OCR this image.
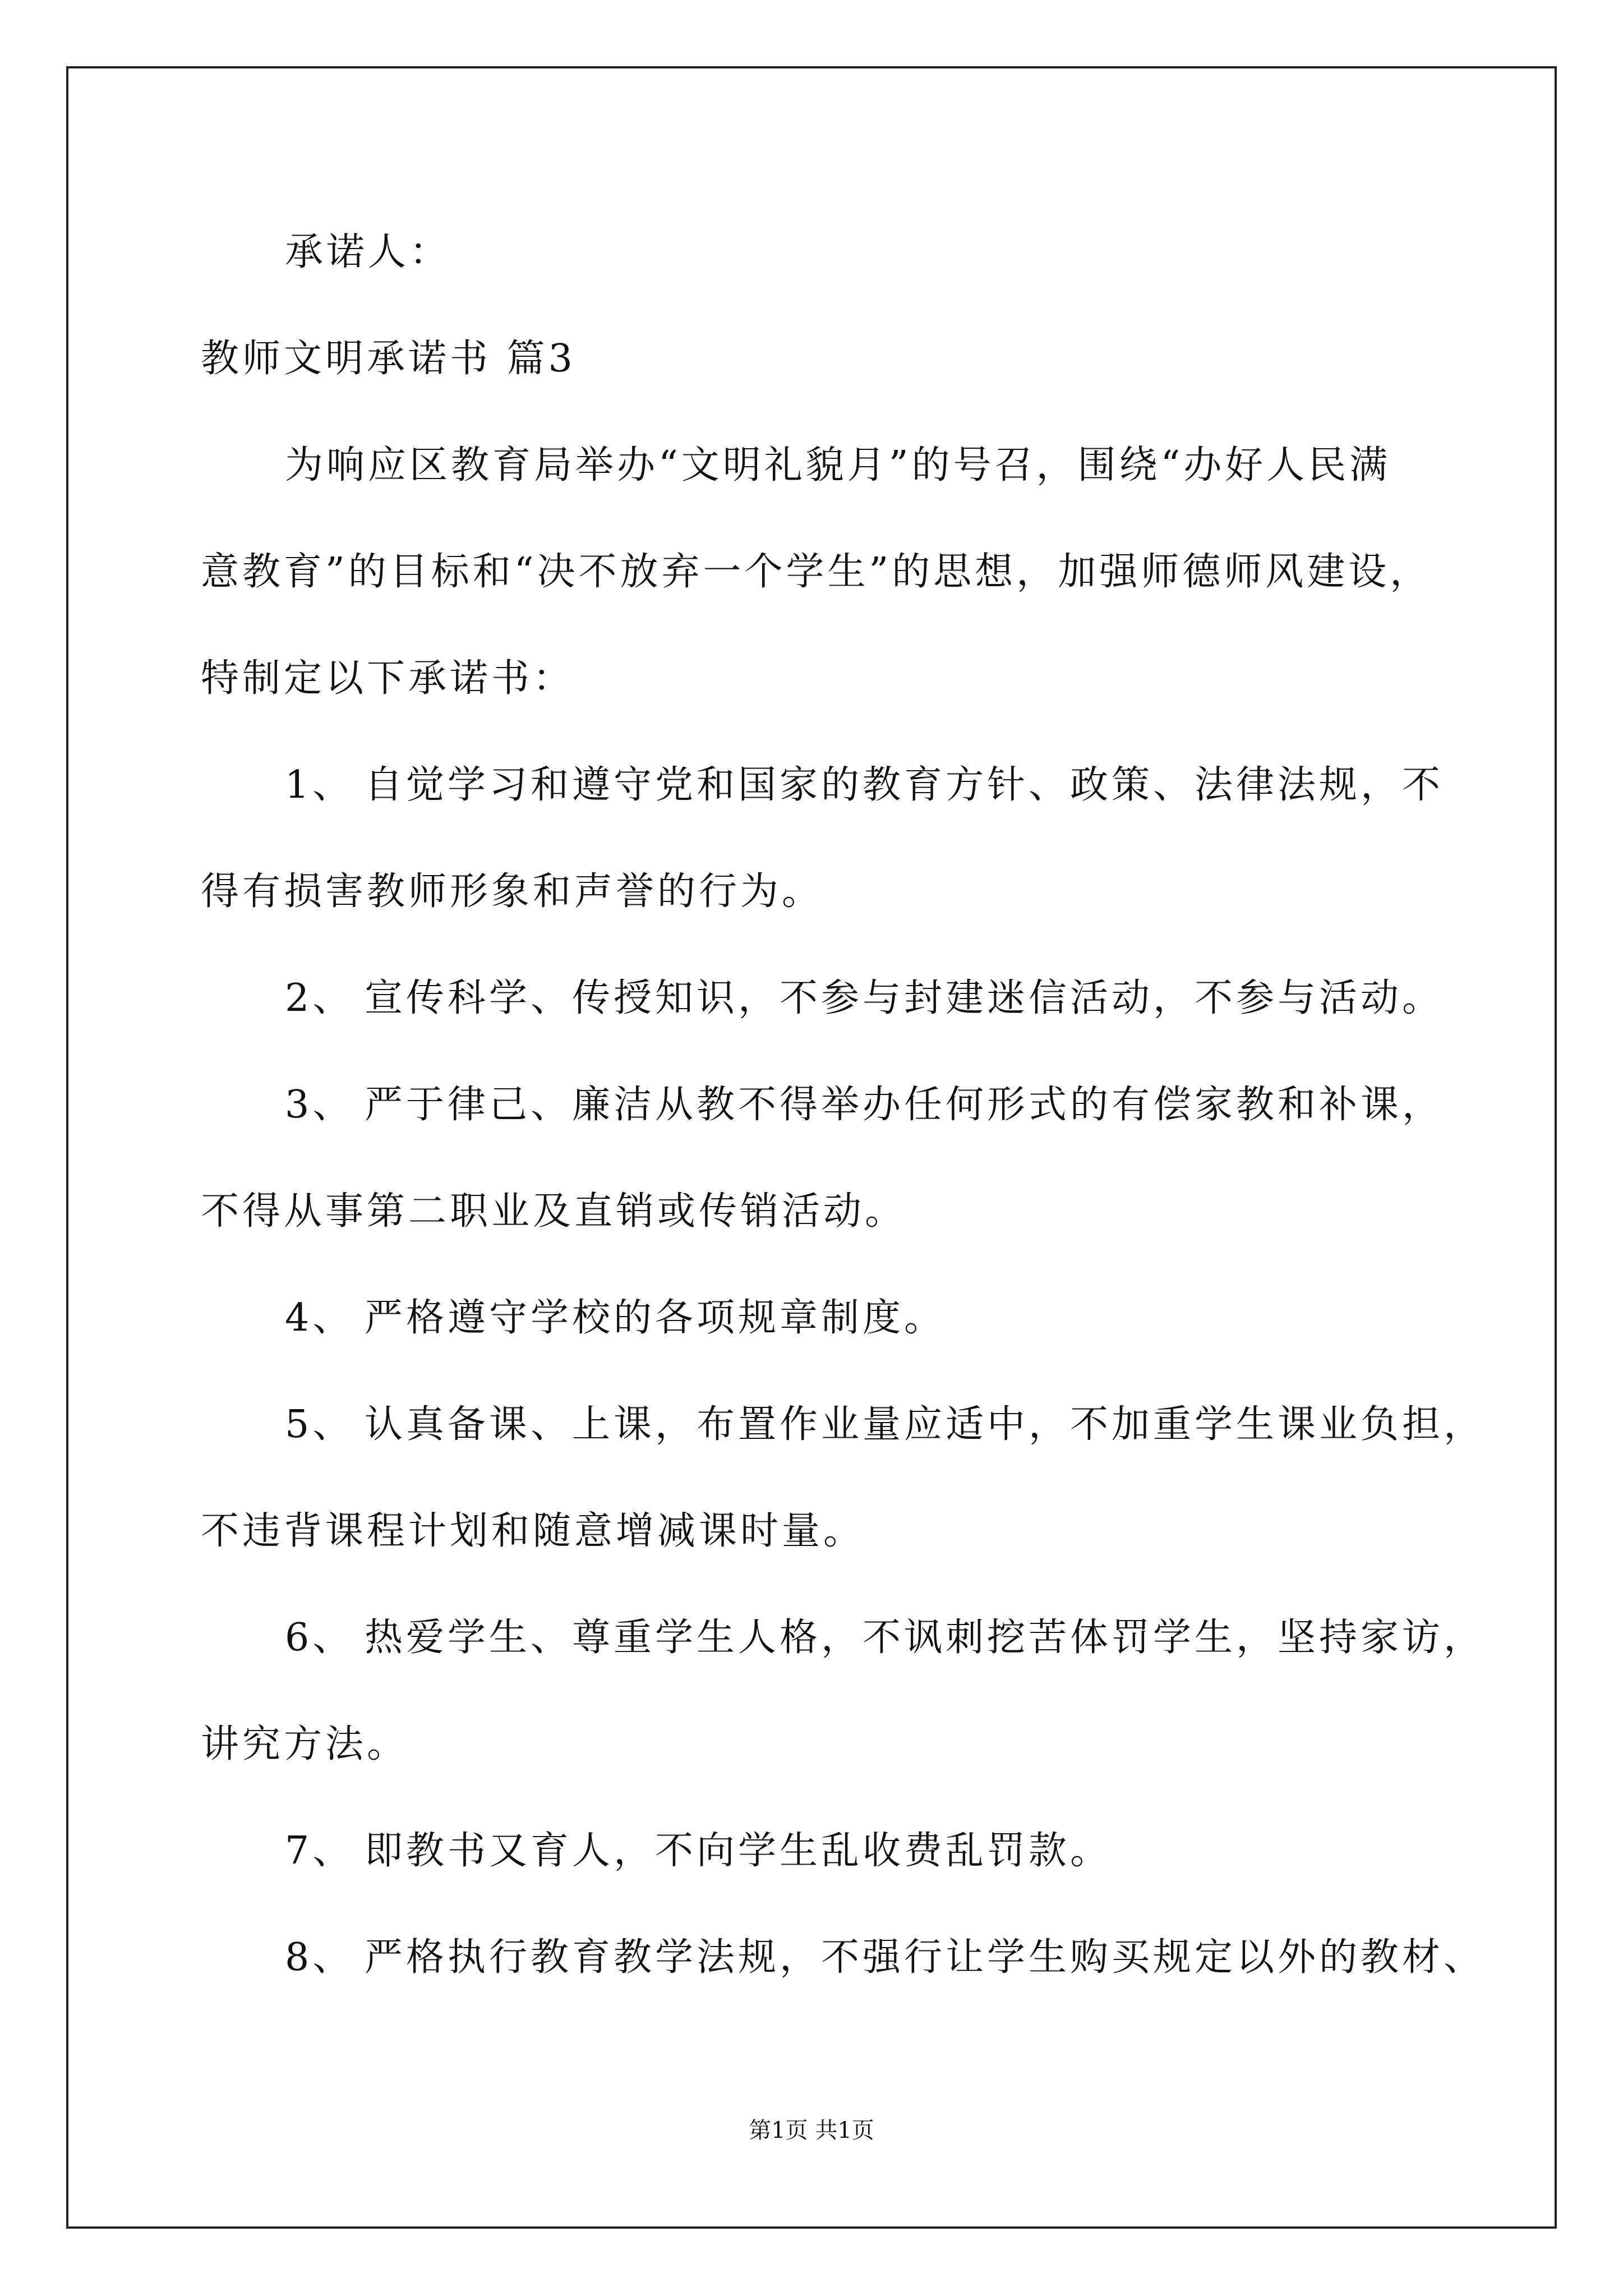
承诺人：
教师文明承诺书 篇3
为响应区教育局举办“文明礼貌月”的号召，围绕“办好人民满
意教育”的目标和“决不放弃一个学生”的思想，加强师德师风建设，
特制定以下承诺书：
1、 自觉学习和遵守党和国家的教育方针、政策、法律法规，不
得有损害教师形象和声誉的行为。
2、 宣传科学、传授知识，不参与封建迷信活动，不参与活动。
3、 严于律己、廉洁从教不得举办任何形式的有偿家教和补课，
不得从事第二职业及直销或传销活动。
4、 严格遵守学校的各项规章制度。
5、 认真备课、上课，布置作业量应适中，不加重学生课业负担，
不违背课程计划和随意增减课时量。
6、 热爱学生、尊重学生人格，不讽刺挖苦体罚学生，坚持家访，
讲究方法。
7、 即教书又育人，不向学生乱收费乱罚款。
8、 严格执行教育教学法规，不强行让学生购买规定以外的教材、
第1页 共1页
